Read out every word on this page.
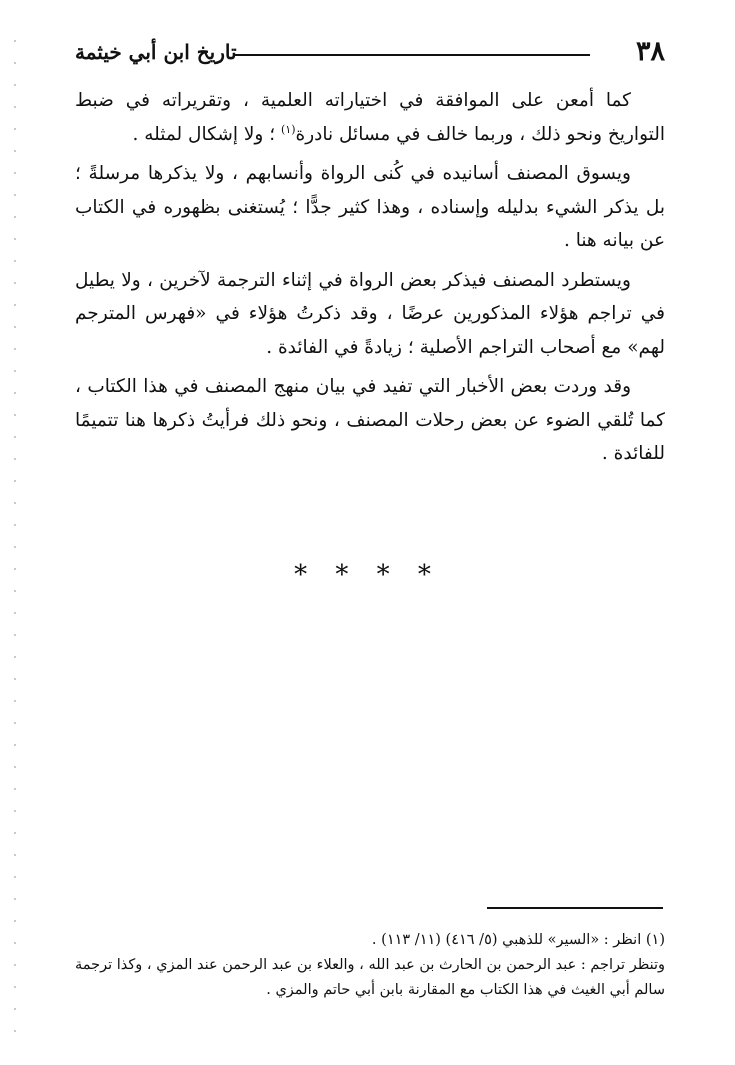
٣٨
تاريخ ابن أبي خيثمة

كما أمعن على الموافقة في اختياراته العلمية ، وتقريراته في ضبط التواريخ ونحو ذلك ، وربما خالف في مسائل نادرة$^{(١)}$ ؛ ولا إشكال لمثله .

ويسوق المصنف أسانيده في كُنى الرواة وأنسابهم ، ولا يذكرها مرسلةً ؛ بل يذكر الشيء بدليله وإسناده ، وهذا كثير جدًّا ؛ يُستغنى بظهوره في الكتاب عن بيانه هنا .

ويستطرد المصنف فيذكر بعض الرواة في إثناء الترجمة لآخرين ، ولا يطيل في تراجم هؤلاء المذكورين عرضًا ، وقد ذكرتُ هؤلاء في «فهرس المترجم لهم» مع أصحاب التراجم الأصلية ؛ زيادةً في الفائدة .

وقد وردت بعض الأخبار التي تفيد في بيان منهج المصنف في هذا الكتاب ، كما تُلقي الضوء عن بعض رحلات المصنف ، ونحو ذلك فرأيتُ ذكرها هنا تتميمًا للفائدة .

* * * *

(١) انظر : «السير» للذهبي (٥/ ٤١٦) (١١/ ١١٣) .

وتنظر تراجم : عبد الرحمن بن الحارث بن عبد الله ، والعلاء بن عبد الرحمن عند المزي ، وكذا ترجمة سالم أبي الغيث في هذا الكتاب مع المقارنة بابن أبي حاتم والمزي .
